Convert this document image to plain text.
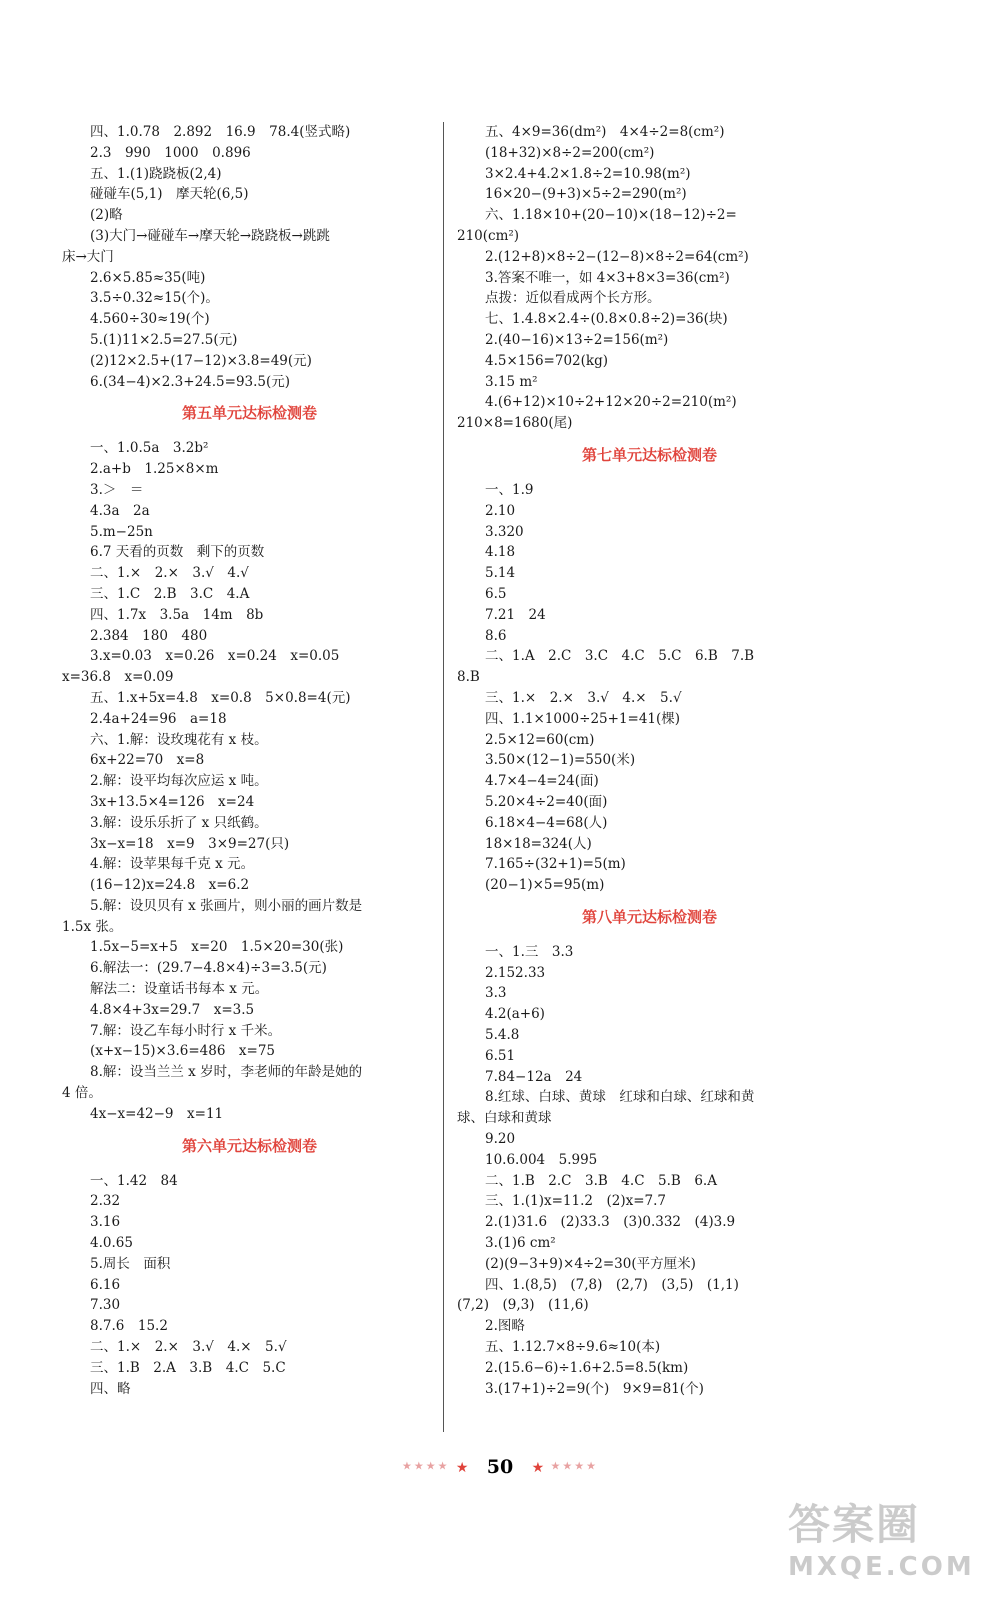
四、1.0.78　2.892　16.9　78.4(竖式略)
2.3　990　1000　0.896
五、1.(1)跷跷板(2,4)
碰碰车(5,1)　摩天轮(6,5)
(2)略
(3)大门→碰碰车→摩天轮→跷跷板→跳跳
床→大门
2.6×5.85≈35(吨)
3.5÷0.32≈15(个)。
4.560÷30≈19(个)
5.(1)11×2.5=27.5(元)
(2)12×2.5+(17−12)×3.8=49(元)
6.(34−4)×2.3+24.5=93.5(元)
第五单元达标检测卷
一、1.0.5a　3.2b²
2.a+b　1.25×8×m
3.＞　＝
4.3a　2a
5.m−25n
6.7 天看的页数　剩下的页数
二、1.×　2.×　3.√　4.√
三、1.C　2.B　3.C　4.A
四、1.7x　3.5a　14m　8b
2.384　180　480
3.x=0.03　x=0.26　x=0.24　x=0.05
x=36.8　x=0.09
五、1.x+5x=4.8　x=0.8　5×0.8=4(元)
2.4a+24=96　a=18
六、1.解：设玫瑰花有 x 枝。
6x+22=70　x=8
2.解：设平均每次应运 x 吨。
3x+13.5×4=126　x=24
3.解：设乐乐折了 x 只纸鹤。
3x−x=18　x=9　3×9=27(只)
4.解：设苹果每千克 x 元。
(16−12)x=24.8　x=6.2
5.解：设贝贝有 x 张画片，则小丽的画片数是
1.5x 张。
1.5x−5=x+5　x=20　1.5×20=30(张)
6.解法一：(29.7−4.8×4)÷3=3.5(元)
解法二：设童话书每本 x 元。
4.8×4+3x=29.7　x=3.5
7.解：设乙车每小时行 x 千米。
(x+x−15)×3.6=486　x=75
8.解：设当兰兰 x 岁时，李老师的年龄是她的
4 倍。
4x−x=42−9　x=11
第六单元达标检测卷
一、1.42　84
2.32
3.16
4.0.65
5.周长　面积
6.16
7.30
8.7.6　15.2
二、1.×　2.×　3.√　4.×　5.√
三、1.B　2.A　3.B　4.C　5.C
四、略
五、4×9=36(dm²)　4×4÷2=8(cm²)
(18+32)×8÷2=200(cm²)
3×2.4+4.2×1.8÷2=10.98(m²)
16×20−(9+3)×5÷2=290(m²)
六、1.18×10+(20−10)×(18−12)÷2=
210(cm²)
2.(12+8)×8÷2−(12−8)×8÷2=64(cm²)
3.答案不唯一，如 4×3+8×3=36(cm²)
点拨：近似看成两个长方形。
七、1.4.8×2.4÷(0.8×0.8÷2)=36(块)
2.(40−16)×13÷2=156(m²)
4.5×156=702(kg)
3.15 m²
4.(6+12)×10÷2+12×20÷2=210(m²)
210×8=1680(尾)
第七单元达标检测卷
一、1.9
2.10
3.320
4.18
5.14
6.5
7.21　24
8.6
二、1.A　2.C　3.C　4.C　5.C　6.B　7.B
8.B
三、1.×　2.×　3.√　4.×　5.√
四、1.1×1000÷25+1=41(棵)
2.5×12=60(cm)
3.50×(12−1)=550(米)
4.7×4−4=24(面)
5.20×4÷2=40(面)
6.18×4−4=68(人)
18×18=324(人)
7.165÷(32+1)=5(m)
(20−1)×5=95(m)
第八单元达标检测卷
一、1.三　3.3
2.152.33
3.3
4.2(a+6)
5.4.8
6.51
7.84−12a　24
8.红球、白球、黄球　红球和白球、红球和黄
球、白球和黄球
9.20
10.6.004　5.995
二、1.B　2.C　3.B　4.C　5.B　6.A
三、1.(1)x=11.2　(2)x=7.7
2.(1)31.6　(2)33.3　(3)0.332　(4)3.9
3.(1)6 cm²
(2)(9−3+9)×4÷2=30(平方厘米)
四、1.(8,5)　(7,8)　(2,7)　(3,5)　(1,1)
(7,2)　(9,3)　(11,6)
2.图略
五、1.12.7×8÷9.6≈10(本)
2.(15.6−6)÷1.6+2.5=8.5(km)
3.(17+1)÷2=9(个)　9×9=81(个)
★★★★ ★ 50 ★ ★★★★
答案圈
MXQE.COM
